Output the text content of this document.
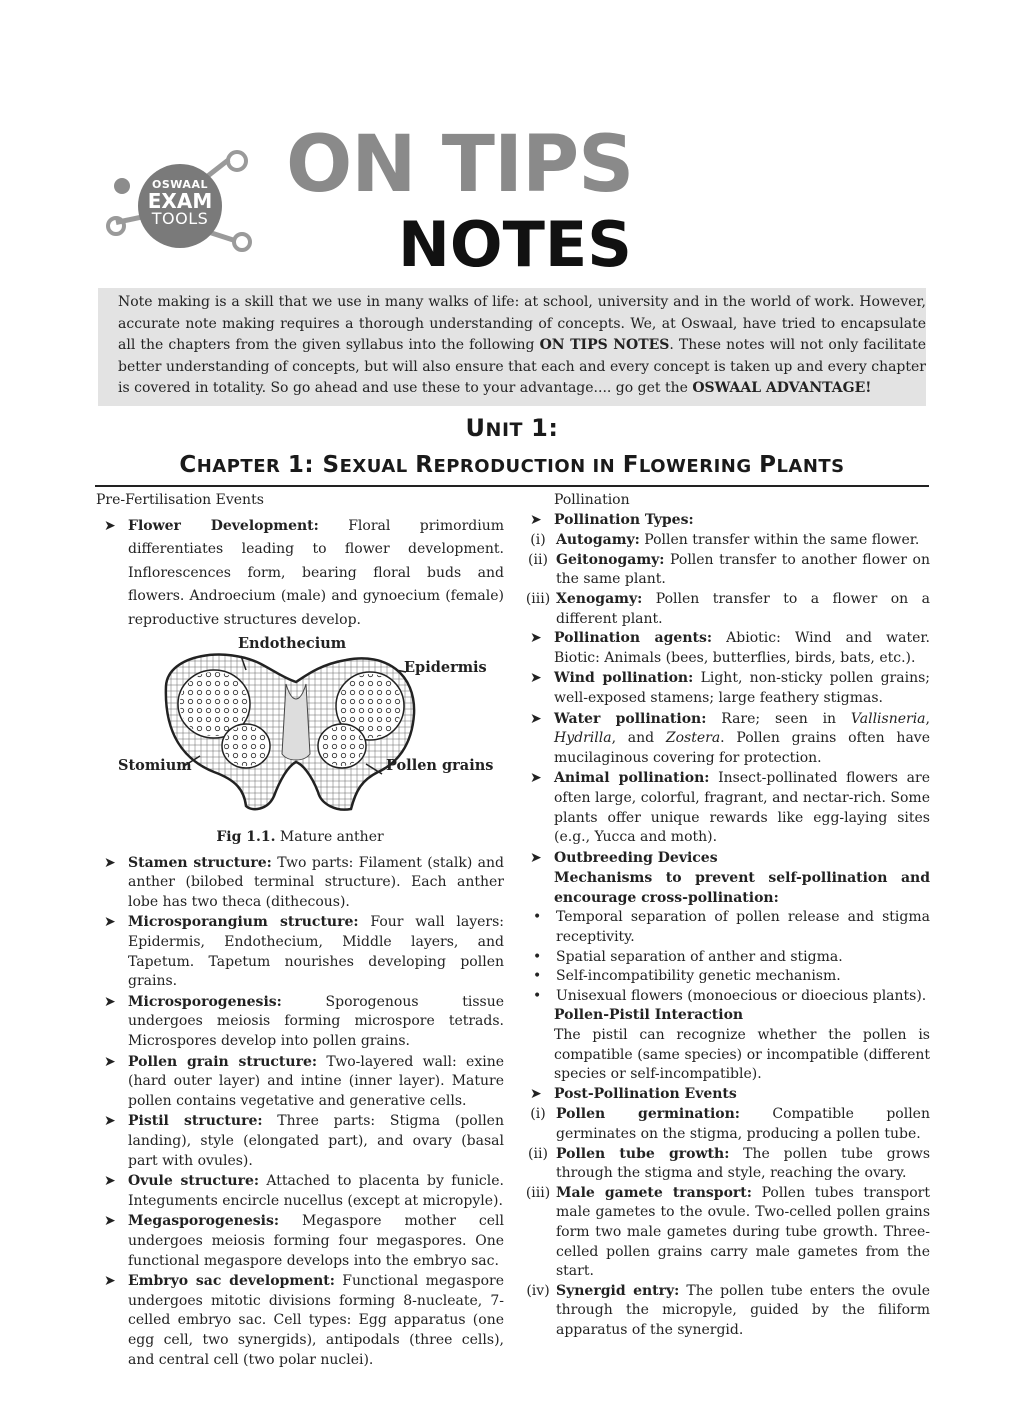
OSWAAL
EXAM
TOOLS
ON TIPS
NOTES
Note making is a skill that we use in many walks of life: at school, university and in the world of work. However, accurate note making requires a thorough understanding of concepts. We, at Oswaal, have tried to encapsulate all the chapters from the given syllabus into the following ON TIPS NOTES. These notes will not only facilitate better understanding of concepts, but will also ensure that each and every concept is taken up and every chapter is covered in totality. So go ahead and use these to your advantage.... go get the OSWAAL ADVANTAGE!
UNIT 1:
CHAPTER 1: SEXUAL REPRODUCTION IN FLOWERING PLANTS
Pre-Fertilisation Events
➤ Flower Development: Floral primordium differentiates leading to flower development. Inflorescences form, bearing floral buds and flowers. Androecium (male) and gynoecium (female) reproductive structures develop.
Endothecium
Epidermis
Stomium	Pollen grains
Fig 1.1. Mature anther
➤ Stamen structure: Two parts: Filament (stalk) and anther (bilobed terminal structure). Each anther lobe has two theca (dithecous).
➤ Microsporangium structure: Four wall layers: Epidermis, Endothecium, Middle layers, and Tapetum. Tapetum nourishes developing pollen grains.
➤ Microsporogenesis: Sporogenous tissue undergoes meiosis forming microspore tetrads. Microspores develop into pollen grains.
➤ Pollen grain structure: Two-layered wall: exine (hard outer layer) and intine (inner layer). Mature pollen contains vegetative and generative cells.
➤ Pistil structure: Three parts: Stigma (pollen landing), style (elongated part), and ovary (basal part with ovules).
➤ Ovule structure: Attached to placenta by funicle. Integuments encircle nucellus (except at micropyle).
➤ Megasporogenesis: Megaspore mother cell undergoes meiosis forming four megaspores. One functional megaspore develops into the embryo sac.
➤ Embryo sac development: Functional megaspore undergoes mitotic divisions forming 8-nucleate, 7-celled embryo sac. Cell types: Egg apparatus (one egg cell, two synergids), antipodals (three cells), and central cell (two polar nuclei).
Pollination
➤ Pollination Types:
(i) Autogamy: Pollen transfer within the same flower.
(ii) Geitonogamy: Pollen transfer to another flower on the same plant.
(iii) Xenogamy: Pollen transfer to a flower on a different plant.
➤ Pollination agents: Abiotic: Wind and water. Biotic: Animals (bees, butterflies, birds, bats, etc.).
➤ Wind pollination: Light, non-sticky pollen grains; well-exposed stamens; large feathery stigmas.
➤ Water pollination: Rare; seen in Vallisneria, Hydrilla, and Zostera. Pollen grains often have mucilaginous covering for protection.
➤ Animal pollination: Insect-pollinated flowers are often large, colorful, fragrant, and nectar-rich. Some plants offer unique rewards like egg-laying sites (e.g., Yucca and moth).
➤ Outbreeding Devices
Mechanisms to prevent self-pollination and encourage cross-pollination:
• Temporal separation of pollen release and stigma receptivity.
• Spatial separation of anther and stigma.
• Self-incompatibility genetic mechanism.
• Unisexual flowers (monoecious or dioecious plants).
Pollen-Pistil Interaction
The pistil can recognize whether the pollen is compatible (same species) or incompatible (different species or self-incompatible).
➤ Post-Pollination Events
(i) Pollen germination: Compatible pollen germinates on the stigma, producing a pollen tube.
(ii) Pollen tube growth: The pollen tube grows through the stigma and style, reaching the ovary.
(iii) Male gamete transport: Pollen tubes transport male gametes to the ovule. Two-celled pollen grains form two male gametes during tube growth. Three-celled pollen grains carry male gametes from the start.
(iv) Synergid entry: The pollen tube enters the ovule through the micropyle, guided by the filiform apparatus of the synergid.
